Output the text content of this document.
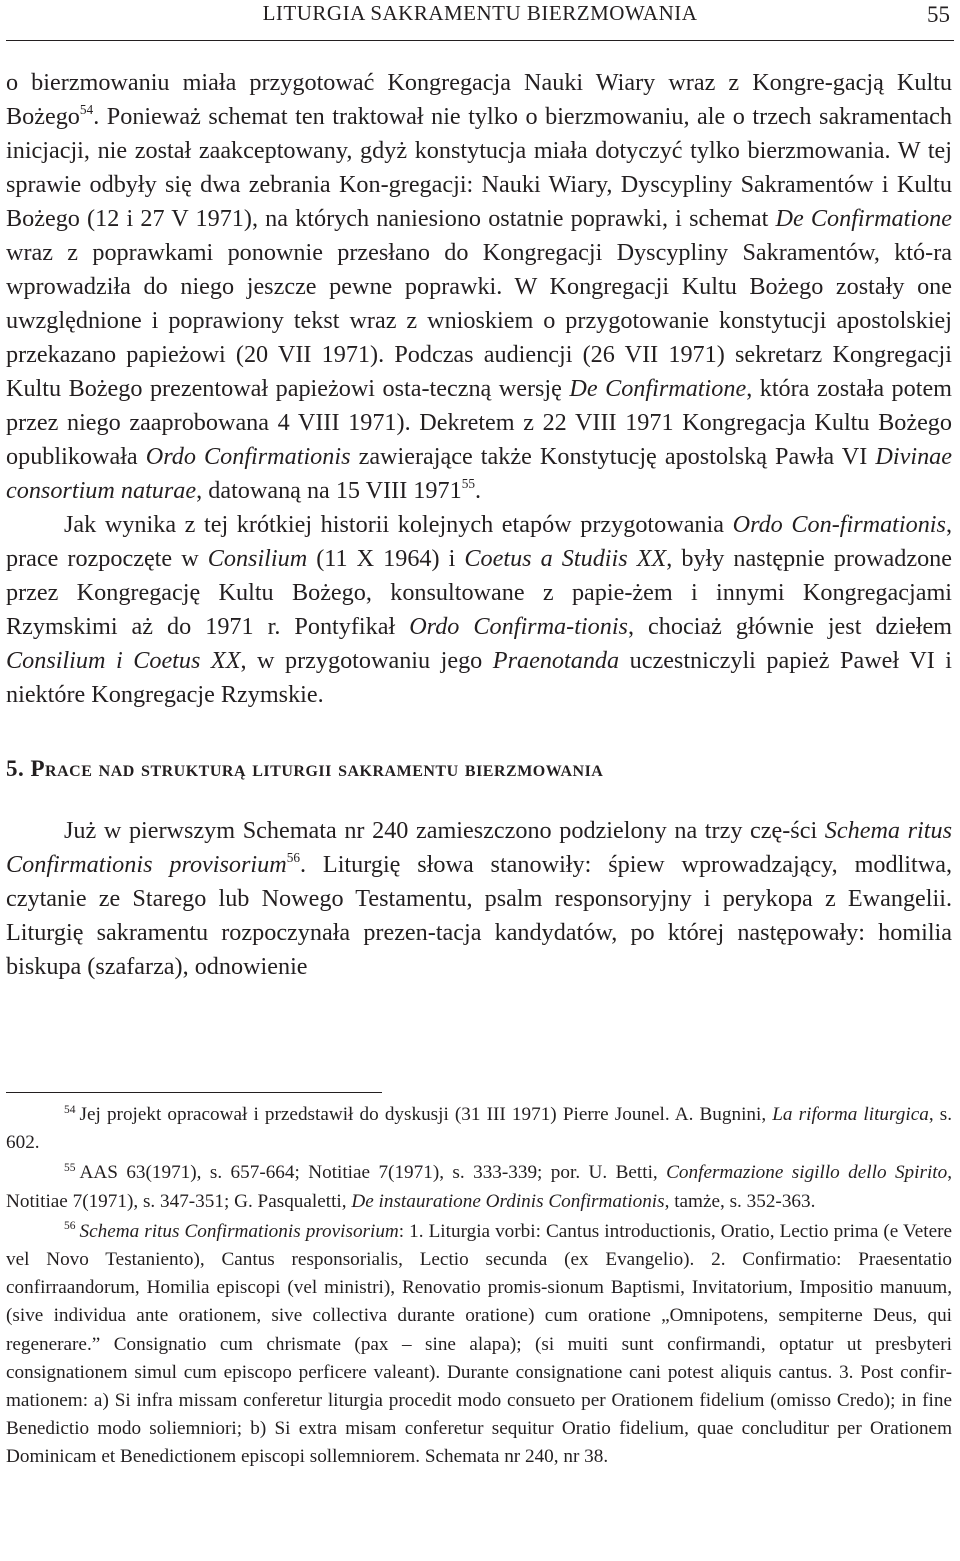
LITURGIA SAKRAMENTU BIERZMOWANIA	55

o bierzmowaniu miała przygotować Kongregacja Nauki Wiary wraz z Kongre-gacją Kultu Bożego$^{54}$. Ponieważ schemat ten traktował nie tylko o bierzmowaniu, ale o trzech sakramentach inicjacji, nie został zaakceptowany, gdyż konstytucja miała dotyczyć tylko bierzmowania. W tej sprawie odbyły się dwa zebrania Kon-gregacji: Nauki Wiary, Dyscypliny Sakramentów i Kultu Bożego (12 i 27 V 1971), na których naniesiono ostatnie poprawki, i schemat De Confirmatione wraz z poprawkami ponownie przesłano do Kongregacji Dyscypliny Sakramentów, któ-ra wprowadziła do niego jeszcze pewne poprawki. W Kongregacji Kultu Bożego zostały one uwzględnione i poprawiony tekst wraz z wnioskiem o przygotowanie konstytucji apostolskiej przekazano papieżowi (20 VII 1971). Podczas audiencji (26 VII 1971) sekretarz Kongregacji Kultu Bożego prezentował papieżowi osta-teczną wersję De Confirmatione, która została potem przez niego zaaprobowana 4 VIII 1971). Dekretem z 22 VIII 1971 Kongregacja Kultu Bożego opublikowała Ordo Confirmationis zawierające także Konstytucję apostolską Pawła VI Divinae consortium naturae, datowaną na 15 VIII 1971$^{55}$.

Jak wynika z tej krótkiej historii kolejnych etapów przygotowania Ordo Con-firmationis, prace rozpoczęte w Consilium (11 X 1964) i Coetus a Studiis XX, były następnie prowadzone przez Kongregację Kultu Bożego, konsultowane z papie-żem i innymi Kongregacjami Rzymskimi aż do 1971 r. Pontyfikał Ordo Confirma-tionis, chociaż głównie jest dziełem Consilium i Coetus XX, w przygotowaniu jego Praenotanda uczestniczyli papież Paweł VI i niektóre Kongregacje Rzymskie.

5. Prace nad strukturą liturgii sakramentu bierzmowania

Już w pierwszym Schemata nr 240 zamieszczono podzielony na trzy czę-ści Schema ritus Confirmationis provisorium$^{56}$. Liturgię słowa stanowiły: śpiew wprowadzający, modlitwa, czytanie ze Starego lub Nowego Testamentu, psalm responsoryjny i perykopa z Ewangelii. Liturgię sakramentu rozpoczynała prezen-tacja kandydatów, po której następowały: homilia biskupa (szafarza), odnowienie

$^{54}$ Jej projekt opracował i przedstawił do dyskusji (31 III 1971) Pierre Jounel. A. Bugnini, La riforma liturgica, s. 602.

$^{55}$ AAS 63(1971), s. 657-664; Notitiae 7(1971), s. 333-339; por. U. Betti, Confermazione sigillo dello Spirito, Notitiae 7(1971), s. 347-351; G. Pasqualetti, De instauratione Ordinis Confirmationis, tamże, s. 352-363.

$^{56}$ Schema ritus Confirmationis provisorium: 1. Liturgia vorbi: Cantus introductionis, Oratio, Lectio prima (e Vetere vel Novo Testaniento), Cantus responsorialis, Lectio secunda (ex Evangelio). 2. Confirmatio: Praesentatio confirraandorum, Homilia episcopi (vel ministri), Renovatio promis-sionum Baptismi, Invitatorium, Impositio manuum, (sive individua ante orationem, sive collectiva durante oratione) cum oratione „Omnipotens, sempiterne Deus, qui regenerare.” Consignatio cum chrismate (pax – sine alapa); (si muiti sunt confirmandi, optatur ut presbyteri consignationem simul cum episcopo perficere valeant). Durante consignatione cani potest aliquis cantus. 3. Post confir-mationem: a) Si infra missam conferetur liturgia procedit modo consueto per Orationem fidelium (omisso Credo); in fine Benedictio modo soliemniori; b) Si extra misam conferetur sequitur Oratio fidelium, quae concluditur per Orationem Dominicam et Benedictionem episcopi sollemniorem. Schemata nr 240, nr 38.
